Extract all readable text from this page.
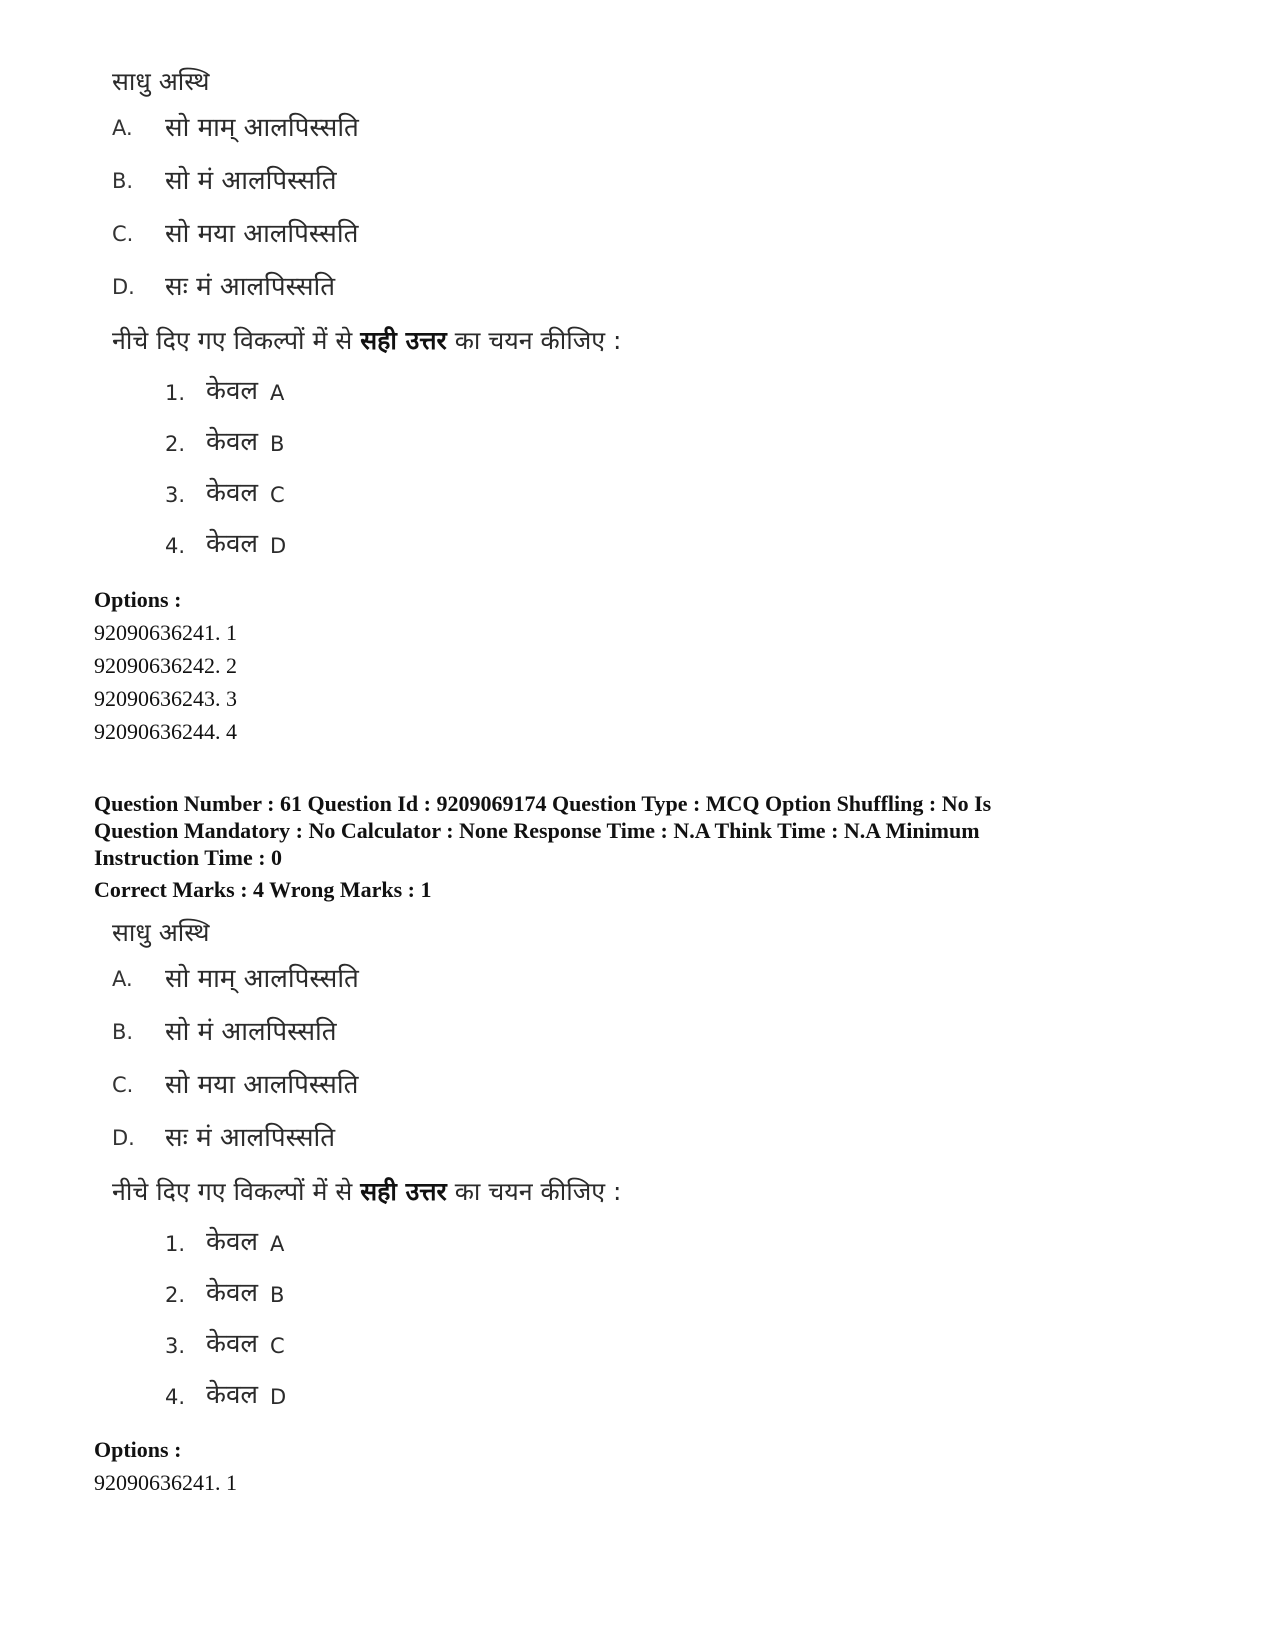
साधु अस्थि
A.	सो माम् आलपिस्सति
B.	सो मं आलपिस्सति
C.	सो मया आलपिस्सति
D.	सः मं आलपिस्सति
नीचे दिए गए विकल्पों में से सही उत्तर का चयन कीजिए :
1. केवल A
2. केवल B
3. केवल C
4. केवल D
Options :
92090636241. 1
92090636242. 2
92090636243. 3
92090636244. 4
Question Number : 61 Question Id : 9209069174 Question Type : MCQ Option Shuffling : No Is
Question Mandatory : No Calculator : None Response Time : N.A Think Time : N.A Minimum
Instruction Time : 0
Correct Marks : 4 Wrong Marks : 1
साधु अस्थि
A.	सो माम् आलपिस्सति
B.	सो मं आलपिस्सति
C.	सो मया आलपिस्सति
D.	सः मं आलपिस्सति
नीचे दिए गए विकल्पों में से सही उत्तर का चयन कीजिए :
1. केवल A
2. केवल B
3. केवल C
4. केवल D
Options :
92090636241. 1
